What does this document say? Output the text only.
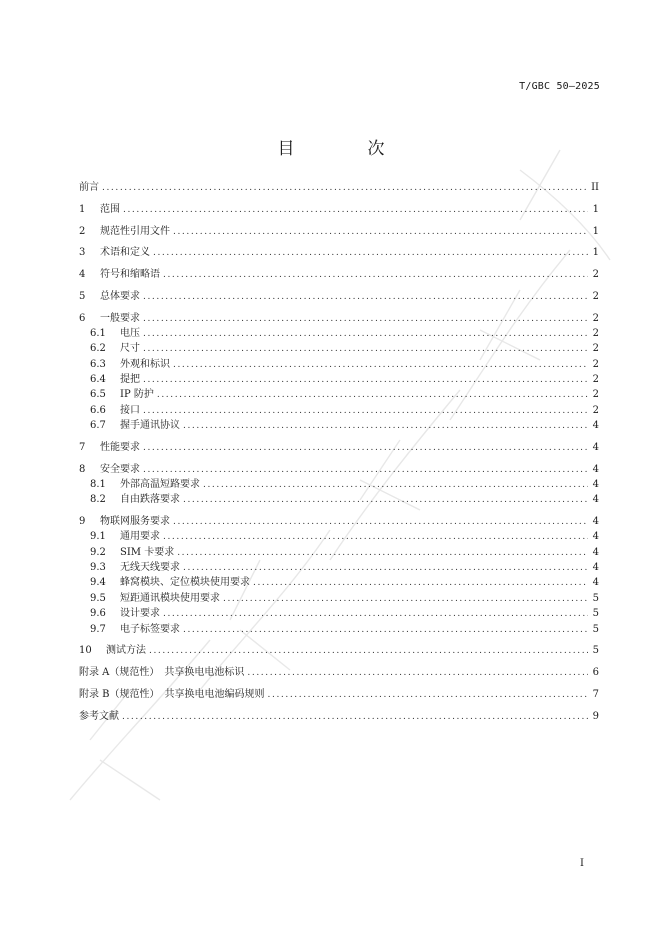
T/GBC 50—2025
目　次
前言 .....	II
1	范围 .....	1
2	规范性引用文件 .....	1
3	术语和定义 .....	1
4	符号和缩略语 .....	2
5	总体要求 .....	2
6	一般要求 .....	2
6.1	电压 .....	2
6.2	尺寸 .....	2
6.3	外观和标识 .....	2
6.4	提把 .....	2
6.5	IP 防护 .....	2
6.6	接口 .....	2
6.7	握手通讯协议 .....	4
7	性能要求 .....	4
8	安全要求 .....	4
8.1	外部高温短路要求 .....	4
8.2	自由跌落要求 .....	4
9	物联网服务要求 .....	4
9.1	通用要求 .....	4
9.2	SIM 卡要求 .....	4
9.3	无线天线要求 .....	4
9.4	蜂窝模块、定位模块使用要求 .....	4
9.5	短距通讯模块使用要求 .....	5
9.6	设计要求 .....	5
9.7	电子标签要求 .....	5
10	测试方法 .....	5
附录 A（规范性）　共享换电电池标识 .....	6
附录 B（规范性）　共享换电电池编码规则 .....	7
参考文献 .....	9
I
